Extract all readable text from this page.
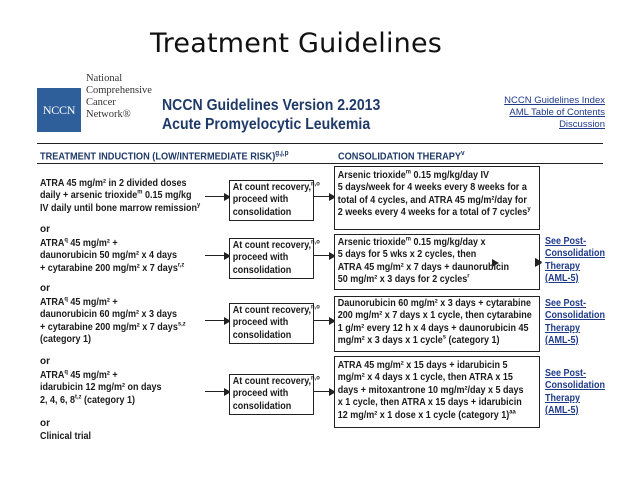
Treatment Guidelines
NCCN
National
Comprehensive
Cancer
Network®
NCCN Guidelines Version 2.2013
Acute Promyelocytic Leukemia
NCCN Guidelines Index
AML Table of Contents
Discussion
TREATMENT INDUCTION (LOW/INTERMEDIATE RISK)$^{g,j,p}$	CONSOLIDATION THERAPY$^v$
ATRA 45 mg/m² in 2 divided doses
daily + arsenic trioxide$^m$ 0.15 mg/kg
IV daily until bone marrow remission$^y$
At count recovery,$^{n,o}$
proceed with
consolidation
Arsenic trioxide$^m$ 0.15 mg/kg/day IV
5 days/week for 4 weeks every 8 weeks for a
total of 4 cycles, and ATRA 45 mg/m²/day for
2 weeks every 4 weeks for a total of 7 cycles$^y$
or
ATRA$^q$ 45 mg/m² +
daunorubicin 50 mg/m² x 4 days
+ cytarabine 200 mg/m² x 7 days$^{r,z}$
At count recovery,$^{n,o}$
proceed with
consolidation
Arsenic trioxide$^m$ 0.15 mg/kg/day x
5 days for 5 wks x 2 cycles, then
ATRA 45 mg/m² x 7 days + daunorubicin
50 mg/m² x 3 days for 2 cycles$^r$
or
ATRA$^q$ 45 mg/m² +
daunorubicin 60 mg/m² x 3 days
+ cytarabine 200 mg/m² x 7 days$^{s,z}$
(category 1)
At count recovery,$^{n,o}$
proceed with
consolidation
Daunorubicin 60 mg/m² x 3 days + cytarabine
200 mg/m² x 7 days x 1 cycle, then cytarabine
1 g/m² every 12 h x 4 days + daunorubicin 45
mg/m² x 3 days x 1 cycle$^s$ (category 1)
or
ATRA$^q$ 45 mg/m² +
idarubicin 12 mg/m² on days
2, 4, 6, 8$^{t,z}$ (category 1)
At count recovery,$^{n,o}$
proceed with
consolidation
ATRA 45 mg/m² x 15 days + idarubicin 5
mg/m² x 4 days x 1 cycle, then ATRA x 15
days + mitoxantrone 10 mg/m²/day x 5 days
x 1 cycle, then ATRA x 15 days + idarubicin
12 mg/m² x 1 dose x 1 cycle (category 1)$^{aa}$
or
Clinical trial
See Post-
Consolidation
Therapy
(AML-5)
See Post-
Consolidation
Therapy
(AML-5)
See Post-
Consolidation
Therapy
(AML-5)
